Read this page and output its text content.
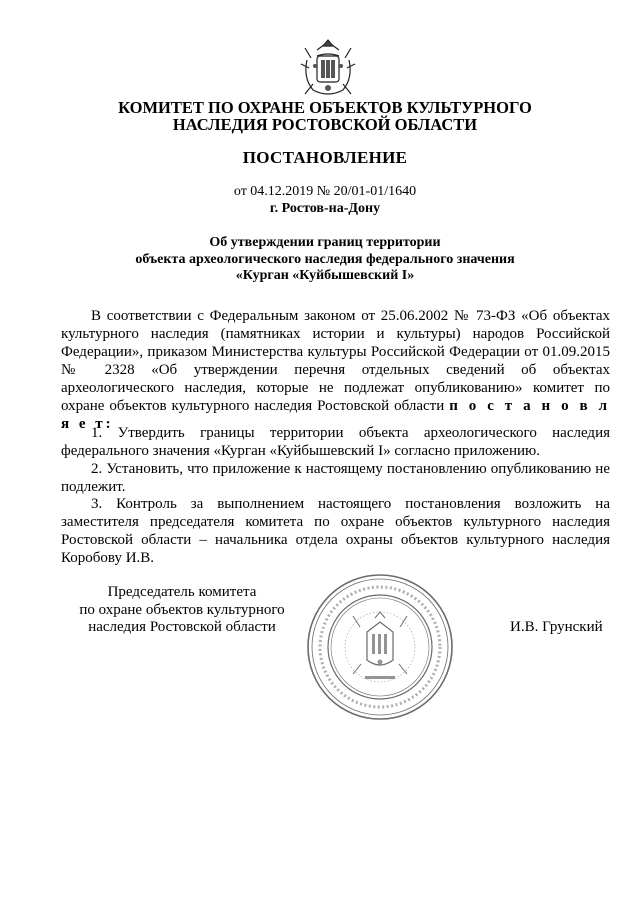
КОМИТЕТ ПО ОХРАНЕ ОБЪЕКТОВ КУЛЬТУРНОГО
НАСЛЕДИЯ РОСТОВСКОЙ ОБЛАСТИ
ПОСТАНОВЛЕНИЕ
от 04.12.2019 № 20/01-01/1640
г. Ростов-на-Дону
Об утверждении границ территории
объекта археологического наследия федерального значения
«Курган «Куйбышевский I»
В соответствии с Федеральным законом от 25.06.2002 № 73-ФЗ «Об объектах культурного наследия (памятниках истории и культуры) народов Российской Федерации», приказом Министерства культуры Российской Федерации от 01.09.2015 № 2328 «Об утверждении перечня отдельных сведений об объектах археологического наследия, которые не подлежат опубликованию» комитет по охране объектов культурного наследия Ростовской области п о с т а н о в л я е т:
1. Утвердить границы территории объекта археологического наследия федерального значения «Курган «Куйбышевский I» согласно приложению.
2. Установить, что приложение к настоящему постановлению опубликованию не подлежит.
3. Контроль за выполнением настоящего постановления возложить на заместителя председателя комитета по охране объектов культурного наследия Ростовской области – начальника отдела охраны объектов культурного наследия Коробову И.В.
Председатель комитета
по охране объектов культурного
наследия Ростовской области	И.В. Грунский
